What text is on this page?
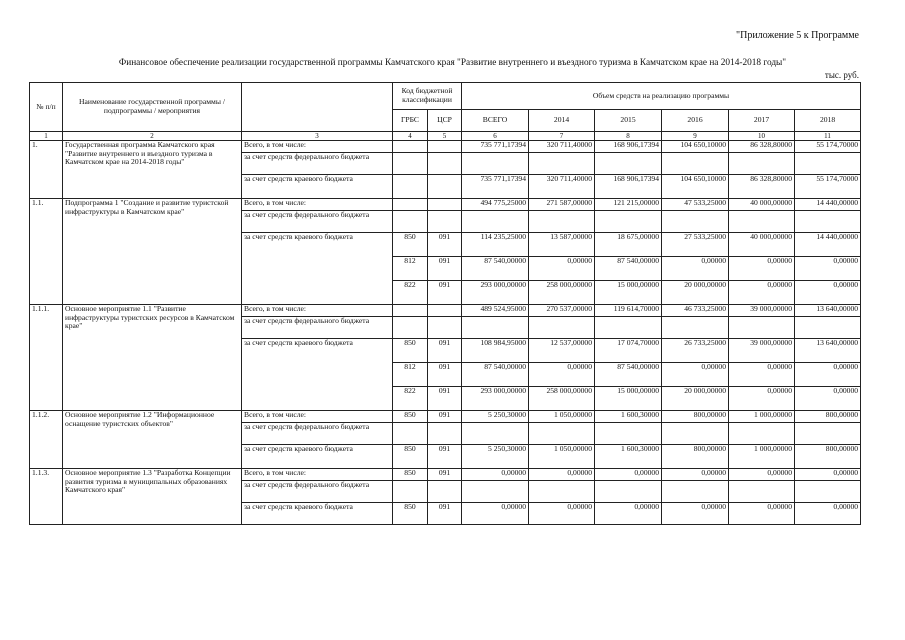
"Приложение 5 к Программе
Финансовое обеспечение реализации государственной программы Камчатского края "Развитие внутреннего и въездного туризма в Камчатском крае на 2014-2018 годы"
тыс. руб.
№ п/п	Наименование государственной программы / подпрограммы / мероприятия		Код бюджетной классификации		Объем средств на реализацию программы					
			ГРБС	ЦСР	ВСЕГО	2014	2015	2016	2017	2018
1	2	3	4	5	6	7	8	9	10	11
1.	Государственная программа Камчатского края "Развитие внутреннего и въездного туризма в Камчатском крае на 2014-2018 годы"	Всего, в том числе:			735 771,17394	320 711,40000	168 906,17394	104 650,10000	86 328,80000	55 174,70000
		за счет средств федерального бюджета								
		за счет средств краевого бюджета			735 771,17394	320 711,40000	168 906,17394	104 650,10000	86 328,80000	55 174,70000
1.1.	Подпрограмма 1 "Создание и развитие туристской инфраструктуры в Камчатском крае"	Всего, в том числе:			494 775,25000	271 587,00000	121 215,00000	47 533,25000	40 000,00000	14 440,00000
		за счет средств федерального бюджета								
		за счет средств краевого бюджета	850	091	114 235,25000	13 587,00000	18 675,00000	27 533,25000	40 000,00000	14 440,00000
			812	091	87 540,00000	0,00000	87 540,00000	0,00000	0,00000	0,00000
			822	091	293 000,00000	258 000,00000	15 000,00000	20 000,00000	0,00000	0,00000
1.1.1.	Основное мероприятие 1.1 "Развитие инфраструктуры туристских ресурсов в Камчатском крае"	Всего, в том числе:			489 524,95000	270 537,00000	119 614,70000	46 733,25000	39 000,00000	13 640,00000
		за счет средств федерального бюджета								
		за счет средств краевого бюджета	850	091	108 984,95000	12 537,00000	17 074,70000	26 733,25000	39 000,00000	13 640,00000
			812	091	87 540,00000	0,00000	87 540,00000	0,00000	0,00000	0,00000
			822	091	293 000,00000	258 000,00000	15 000,00000	20 000,00000	0,00000	0,00000
1.1.2.	Основное мероприятие 1.2 "Информационное оснащение туристских объектов"	Всего, в том числе:	850	091	5 250,30000	1 050,00000	1 600,30000	800,00000	1 000,00000	800,00000
		за счет средств федерального бюджета								
		за счет средств краевого бюджета	850	091	5 250,30000	1 050,00000	1 600,30000	800,00000	1 000,00000	800,00000
1.1.3.	Основное мероприятие 1.3 "Разработка Концепции развития туризма в муниципальных образованиях Камчатского края"	Всего, в том числе:	850	091	0,00000	0,00000	0,00000	0,00000	0,00000	0,00000
		за счет средств федерального бюджета								
		за счет средств краевого бюджета	850	091	0,00000	0,00000	0,00000	0,00000	0,00000	0,00000
